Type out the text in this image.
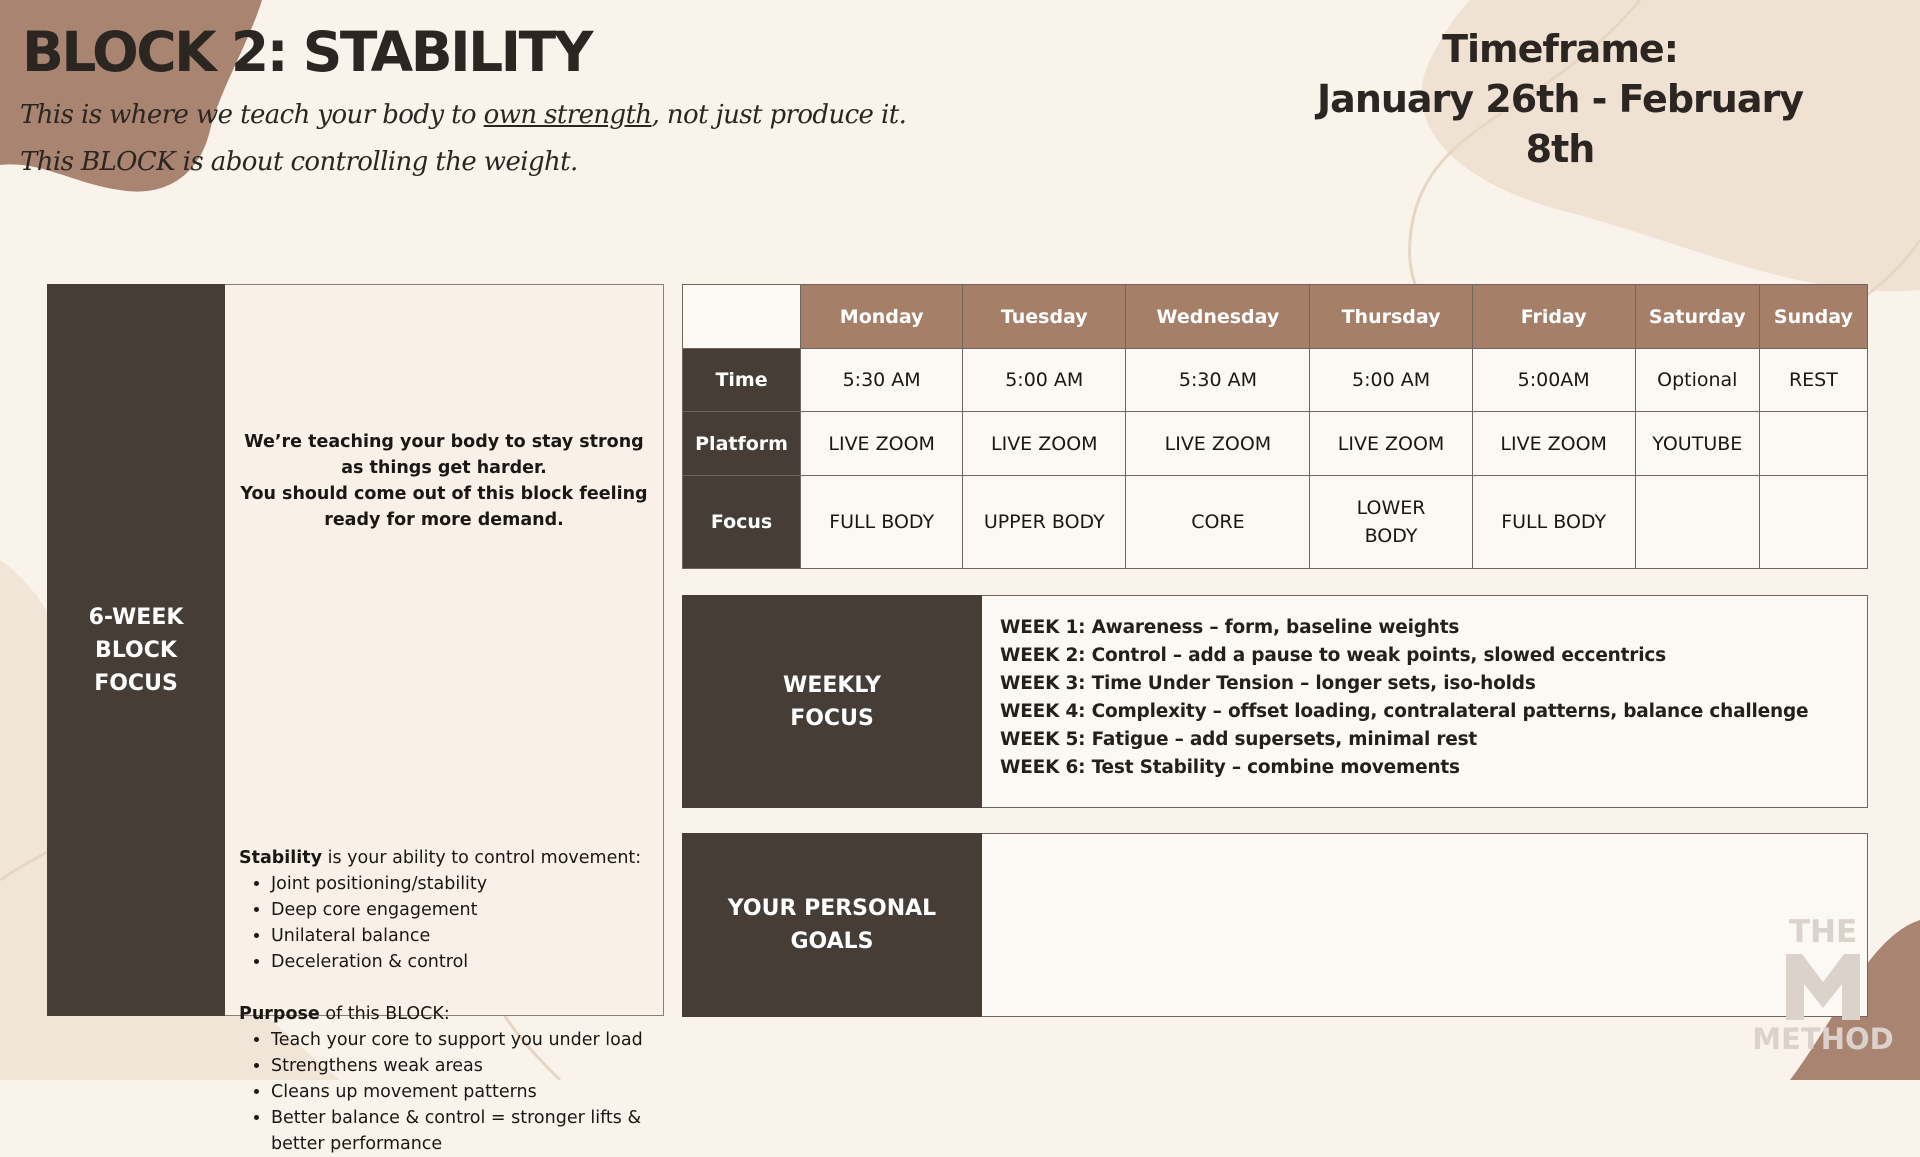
BLOCK 2: STABILITY
This is where we teach your body to own strength, not just produce it.
This BLOCK is about controlling the weight.
Timeframe:
January 26th - February 8th
6-WEEK BLOCK FOCUS

We’re teaching your body to stay strong as things get harder.

You should come out of this block feeling ready for more demand.

Stability is your ability to control movement:

• Joint positioning/stability
• Deep core engagement
• Unilateral balance
• Deceleration & control

Purpose of this BLOCK:

• Teach your core to support you under load
• Strengthens weak areas
• Cleans up movement patterns
• Better balance & control = stronger lifts & better performance
	Monday	Tuesday	Wednesday	Thursday	Friday	Saturday	Sunday
Time	5:30 AM	5:00 AM	5:30 AM	5:00 AM	5:00AM	Optional	REST
Platform	LIVE ZOOM	LIVE ZOOM	LIVE ZOOM	LIVE ZOOM	LIVE ZOOM	YOUTUBE	
Focus	FULL BODY	UPPER BODY	CORE	LOWER BODY	FULL BODY		
WEEKLY FOCUS
WEEK 1: Awareness – form, baseline weights
WEEK 2: Control – add a pause to weak points, slowed eccentrics
WEEK 3: Time Under Tension – longer sets, iso-holds
WEEK 4: Complexity – offset loading, contralateral patterns, balance challenge
WEEK 5: Fatigue – add supersets, minimal rest
WEEK 6: Test Stability – combine movements
YOUR PERSONAL GOALS	THE
METHOD
